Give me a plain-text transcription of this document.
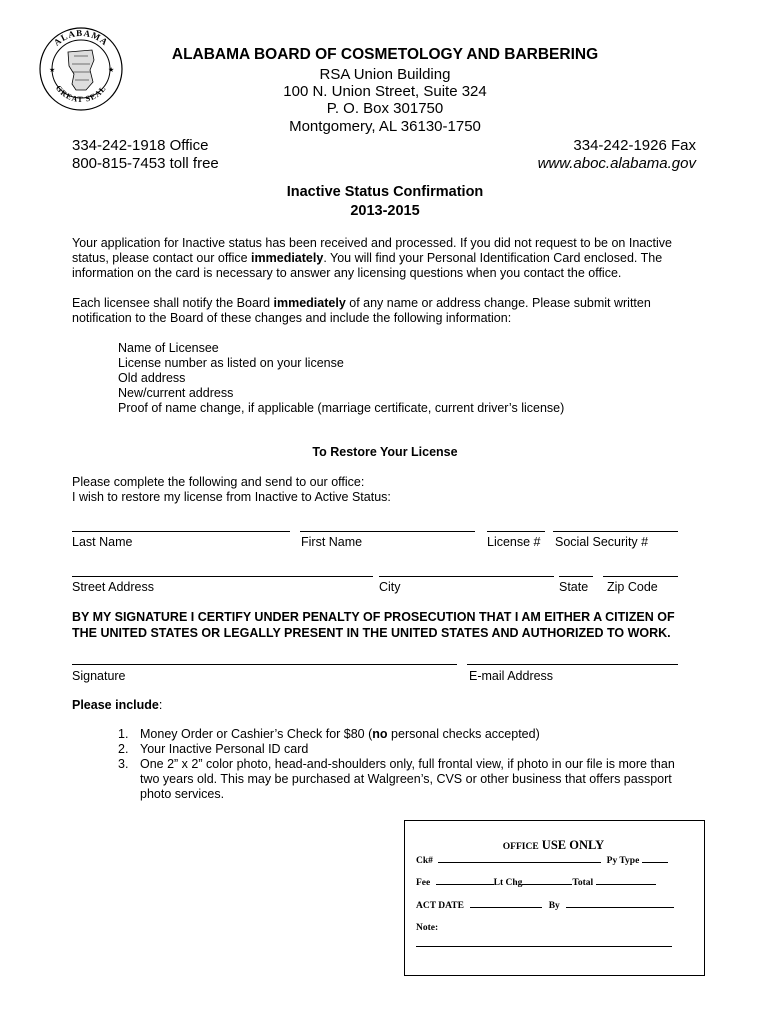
ALABAMA
GREAT SEAL
★	★
ALABAMA BOARD OF COSMETOLOGY AND BARBERING
RSA Union Building
100 N. Union Street, Suite 324
P. O. Box 301750
Montgomery, AL 36130-1750
334-242-1918 Office
800-815-7453 toll free
334-242-1926 Fax
www.aboc.alabama.gov
Inactive Status Confirmation
2013-2015
Your application for Inactive status has been received and processed. If you did not request to be on Inactive status, please contact our office immediately. You will find your Personal Identification Card enclosed. The information on the card is necessary to answer any licensing questions when you contact the office.
Each licensee shall notify the Board immediately of any name or address change. Please submit written notification to the Board of these changes and include the following information:
Name of Licensee
License number as listed on your license
Old address
New/current address
Proof of name change, if applicable (marriage certificate, current driver’s license)
To Restore Your License
Please complete the following and send to our office:
I wish to restore my license from Inactive to Active Status:
Last Name	First Name	License # Social Security #
Street Address	City	State Zip Code
BY MY SIGNATURE I CERTIFY UNDER PENALTY OF PROSECUTION THAT I AM EITHER A CITIZEN OF THE UNITED STATES OR LEGALLY PRESENT IN THE UNITED STATES AND AUTHORIZED TO WORK.
Signature	E-mail Address
Please include:
1. Money Order or Cashier’s Check for $80 (no personal checks accepted)
2. Your Inactive Personal ID card
3. One 2” x 2” color photo, head-and-shoulders only, full frontal view, if photo in our file is more than two years old. This may be purchased at Walgreen’s, CVS or other business that offers passport photo services.
OFFICE USE ONLY
Ck#	Py Type
Fee	Lt Chg	Total
ACT DATE	By
Note:
